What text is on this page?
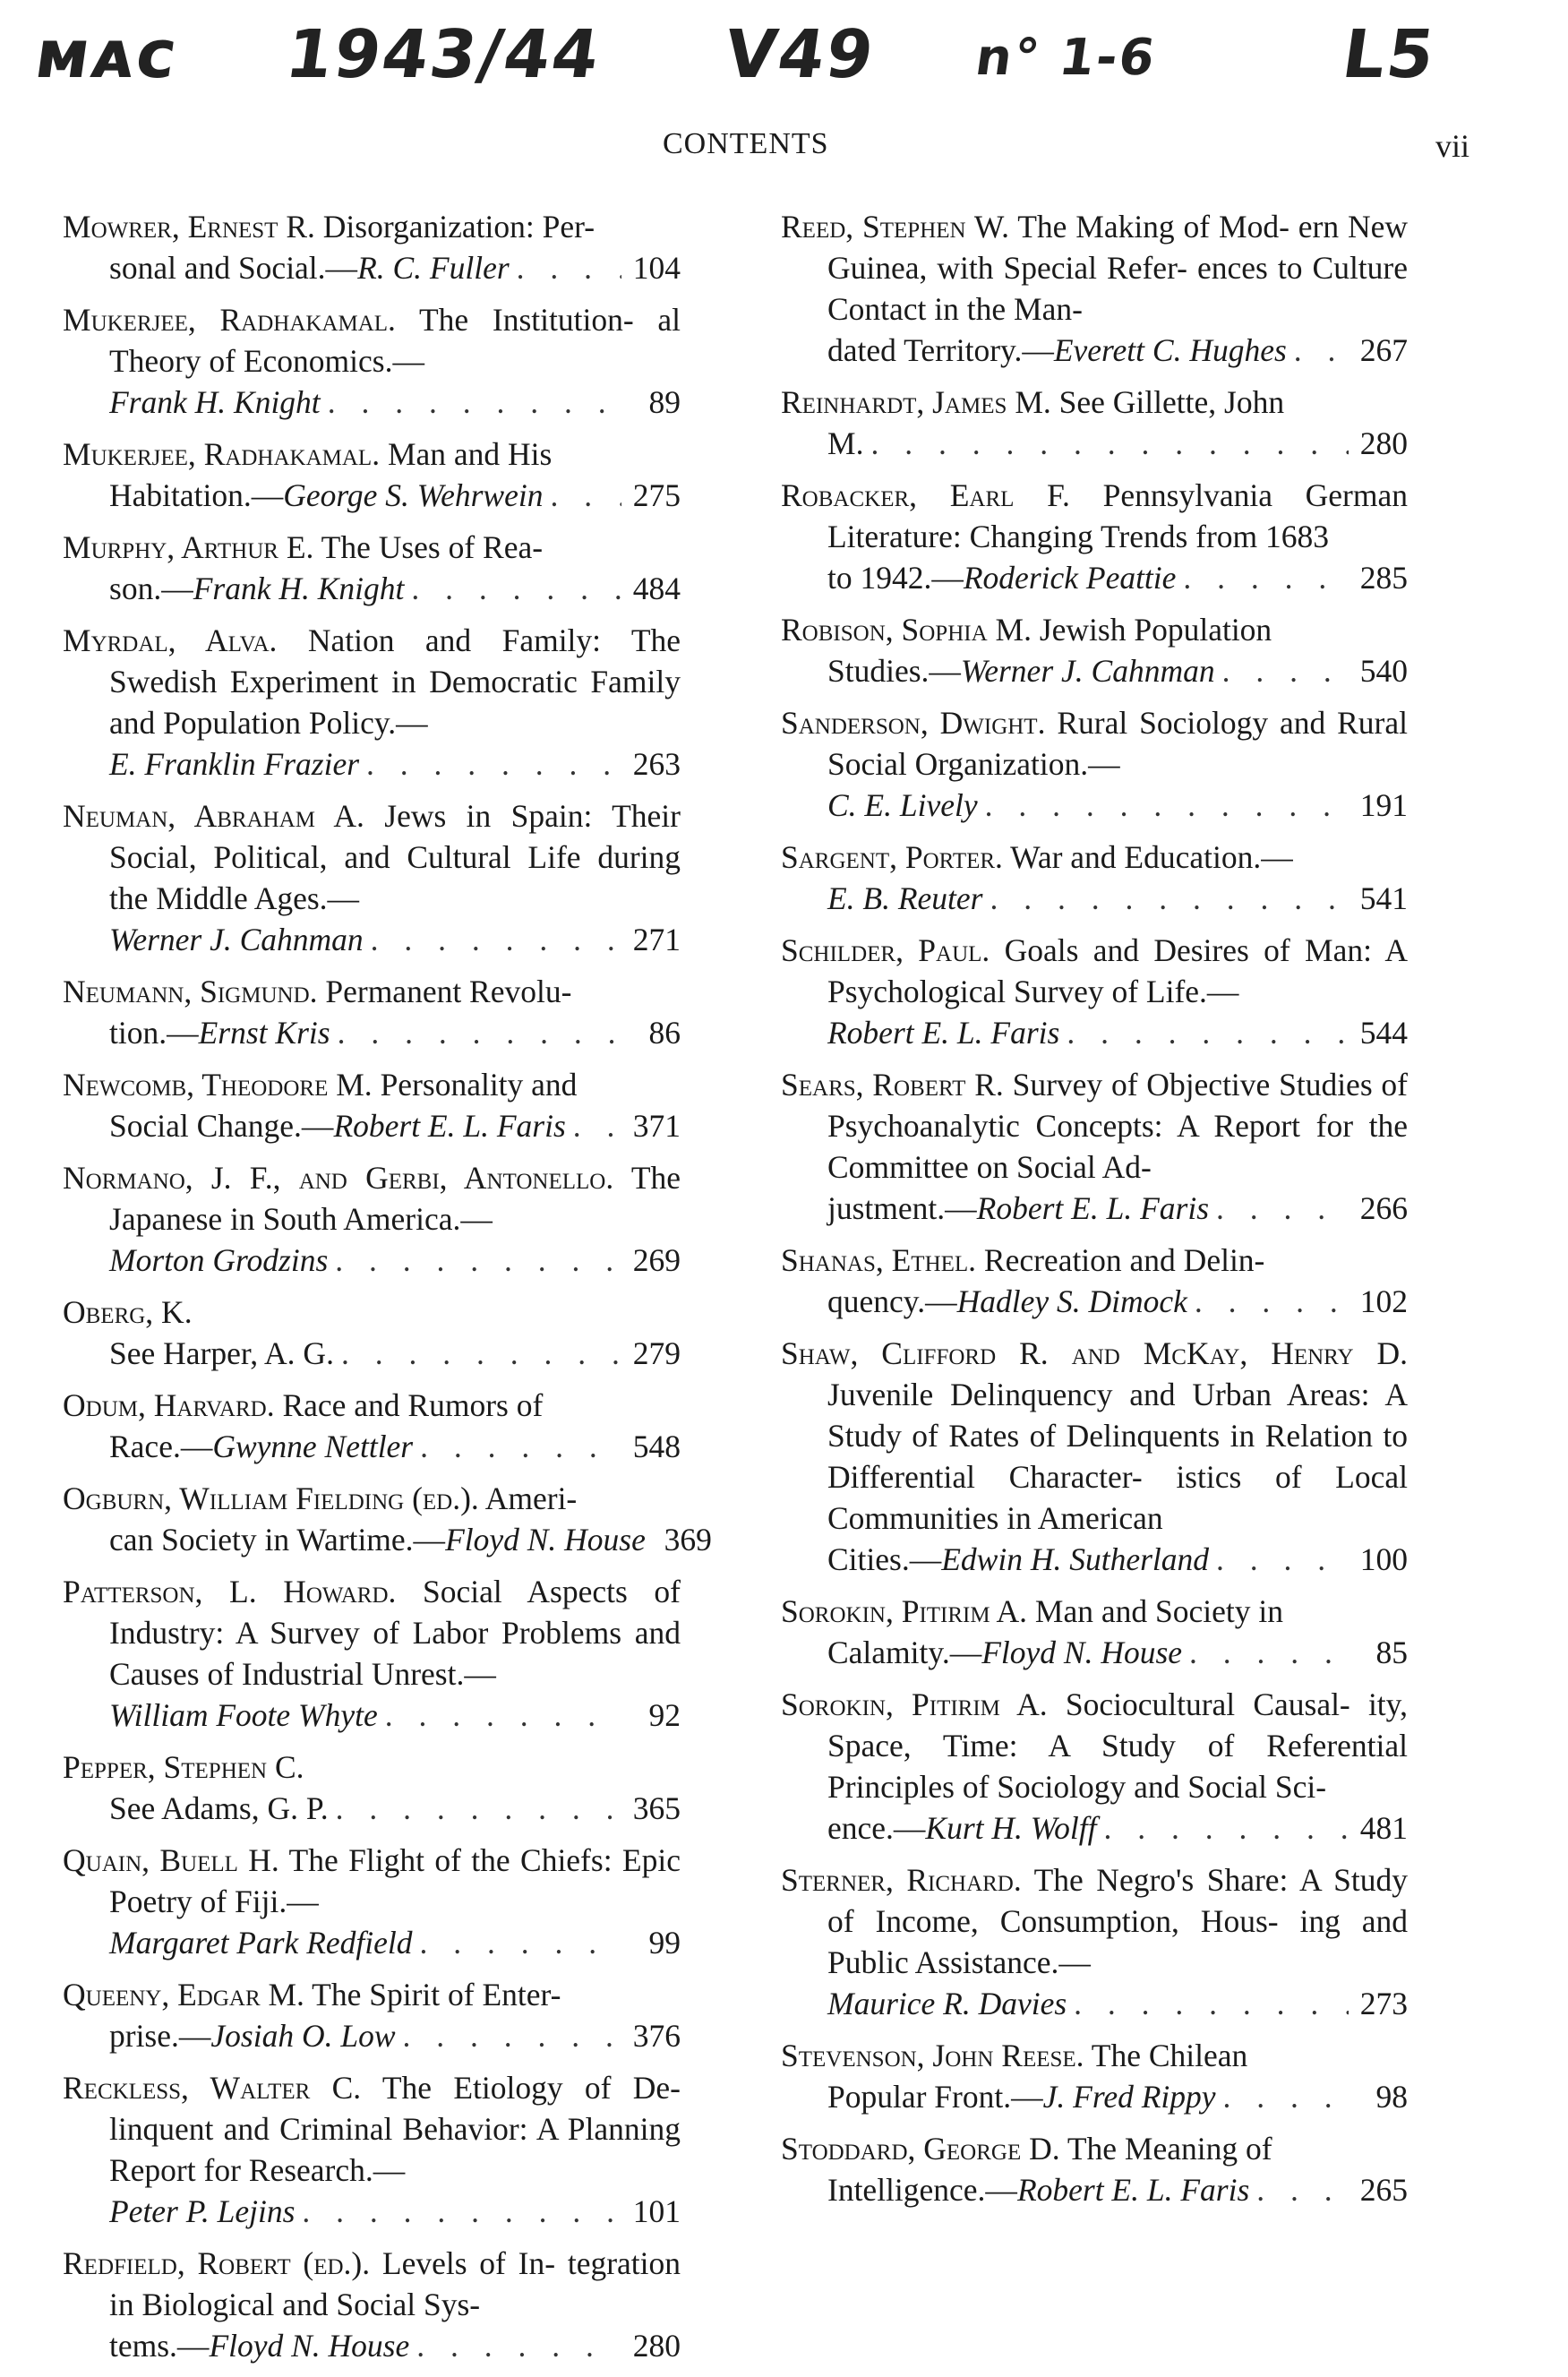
ᴍᴀᴄ 1943/44 V49 n° 1-6	L5
CONTENTS	vii
Mowrer, Ernest R. Disorganization: Per-
sonal and Social.—R. C. Fuller . . .	104
Mukerjee, Radhakamal. The Institution- al Theory of Economics.—
Frank H. Knight . . .	89
Mukerjee, Radhakamal. Man and His
Habitation.—George S. Wehrwein . . .	275
Murphy, Arthur E. The Uses of Rea-
son.—Frank H. Knight . . .	484
Myrdal, Alva. Nation and Family: The Swedish Experiment in Democratic Family and Population Policy.—
E. Franklin Frazier . . .	263
Neuman, Abraham A. Jews in Spain: Their Social, Political, and Cultural Life during the Middle Ages.—
Werner J. Cahnman . . .	271
Neumann, Sigmund. Permanent Revolu-
tion.—Ernst Kris . . .	86
Newcomb, Theodore M. Personality and
Social Change.—Robert E. L. Faris . . . 371
Normano, J. F., and Gerbi, Antonello. The Japanese in South America.—
Morton Grodzins . . .	269
Oberg, K.
See Harper, A. G. . . .	279
Odum, Harvard. Race and Rumors of
Race.—Gwynne Nettler . . .	548
Ogburn, William Fielding (ed.). Ameri-
can Society in Wartime.—Floyd N. House 369
Patterson, L. Howard. Social Aspects of Industry: A Survey of Labor Problems and Causes of Industrial Unrest.—
William Foote Whyte . . .	92
Pepper, Stephen C.
See Adams, G. P. . . .	365
Quain, Buell H. The Flight of the Chiefs: Epic Poetry of Fiji.—
Margaret Park Redfield . . .	99
Queeny, Edgar M. The Spirit of Enter-
prise.—Josiah O. Low . . .	376
Reckless, Walter C. The Etiology of De- linquent and Criminal Behavior: A Planning Report for Research.—
Peter P. Lejins . . .	101
Redfield, Robert (ed.). Levels of In- tegration in Biological and Social Sys-
tems.—Floyd N. House . . .	280
Reed, Stephen W. The Making of Mod- ern New Guinea, with Special Refer- ences to Culture Contact in the Man-
dated Territory.—Everett C. Hughes . . . 267
Reinhardt, James M. See Gillette, John
M. . . .	280
Robacker, Earl F. Pennsylvania German Literature: Changing Trends from 1683
to 1942.—Roderick Peattie . . .	285
Robison, Sophia M. Jewish Population
Studies.—Werner J. Cahnman . . .	540
Sanderson, Dwight. Rural Sociology and Rural Social Organization.—
C. E. Lively . . .	191
Sargent, Porter. War and Education.—
E. B. Reuter . . .	541
Schilder, Paul. Goals and Desires of Man: A Psychological Survey of Life.—
Robert E. L. Faris . . .	544
Sears, Robert R. Survey of Objective Studies of Psychoanalytic Concepts: A Report for the Committee on Social Ad-
justment.—Robert E. L. Faris . . .	266
Shanas, Ethel. Recreation and Delin-
quency.—Hadley S. Dimock . . .	102
Shaw, Clifford R. and McKay, Henry D. Juvenile Delinquency and Urban Areas: A Study of Rates of Delinquents in Relation to Differential Character- istics of Local Communities in American
Cities.—Edwin H. Sutherland . . .	100
Sorokin, Pitirim A. Man and Society in
Calamity.—Floyd N. House . . .	85
Sorokin, Pitirim A. Sociocultural Causal- ity, Space, Time: A Study of Referential Principles of Sociology and Social Sci-
ence.—Kurt H. Wolff . . .	481
Sterner, Richard. The Negro's Share: A Study of Income, Consumption, Hous- ing and Public Assistance.—
Maurice R. Davies . . .	273
Stevenson, John Reese. The Chilean
Popular Front.—J. Fred Rippy . . .	98
Stoddard, George D. The Meaning of
Intelligence.—Robert E. L. Faris . . .	265
